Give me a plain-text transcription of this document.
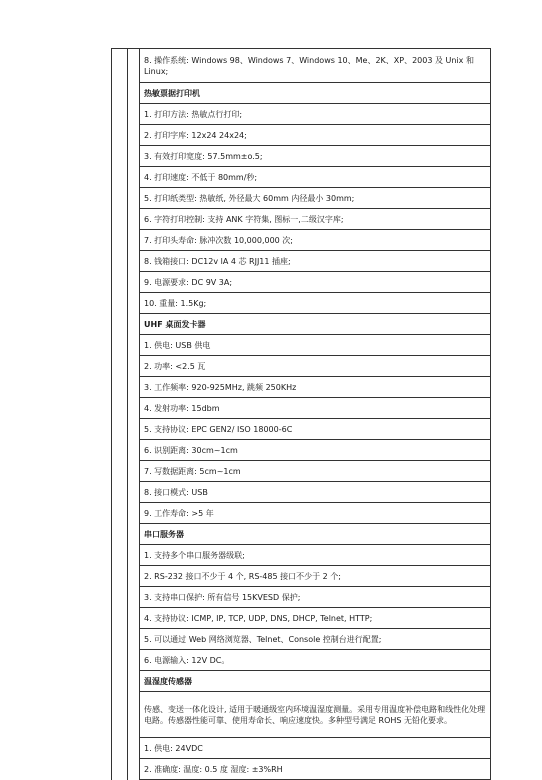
		8. 操作系统: Windows 98、Windows 7、Windows 10、Me、2K、XP、2003 及 Unix 和 Linux;
		热敏票据打印机
		1. 打印方法: 热敏点行打印;
		2. 打印字库: 12x24 24x24;
		3. 有效打印宽度: 57.5mm±o.5;
		4. 打印速度: 不低于 80mm/秒;
		5. 打印纸类型: 热敏纸, 外径最大 60mm 内径最小 30mm;
		6. 字符打印控制: 支持 ANK 字符集, 图标一,二级汉字库;
		7. 打印头寿命: 脉冲次数 10,000,000 次;
		8. 钱箱接口: DC12v lA 4 芯 RJJ11 插座;
		9. 电源要求: DC 9V 3A;
		10. 重量: 1.5Kg;
		UHF 桌面发卡器
		1. 供电: USB 供电
		2. 功率: <2.5 瓦
		3. 工作频率: 920-925MHz, 跳频 250KHz
		4. 发射功率: 15dbm
		5. 支持协议: EPC GEN2/ ISO 18000-6C
		6. 识别距离: 30cm~1cm
		7. 写数据距离: 5cm~1cm
		8. 接口模式: USB
		9. 工作寿命: >5 年
		串口服务器
		1. 支持多个串口服务器级联;
		2. RS-232 接口不少于 4 个, RS-485 接口不少于 2 个;
		3. 支持串口保护: 所有信号 15KVESD 保护;
		4. 支持协议: ICMP, IP, TCP, UDP, DNS, DHCP, Telnet, HTTP;
		5. 可以通过 Web 网络浏览器、Telnet、Console 控制台进行配置;
		6. 电源输入: 12V DC。
		温湿度传感器
		传感、变送一体化设计, 适用于暖通级室内环境温湿度测量。采用专用温度补偿电路和线性化处理电路。传感器性能可靠、使用寿命长、响应速度快。多种型号满足 ROHS 无铅化要求。
		1. 供电: 24VDC
		2. 准确度: 温度: 0.5 度 湿度: ±3%RH
